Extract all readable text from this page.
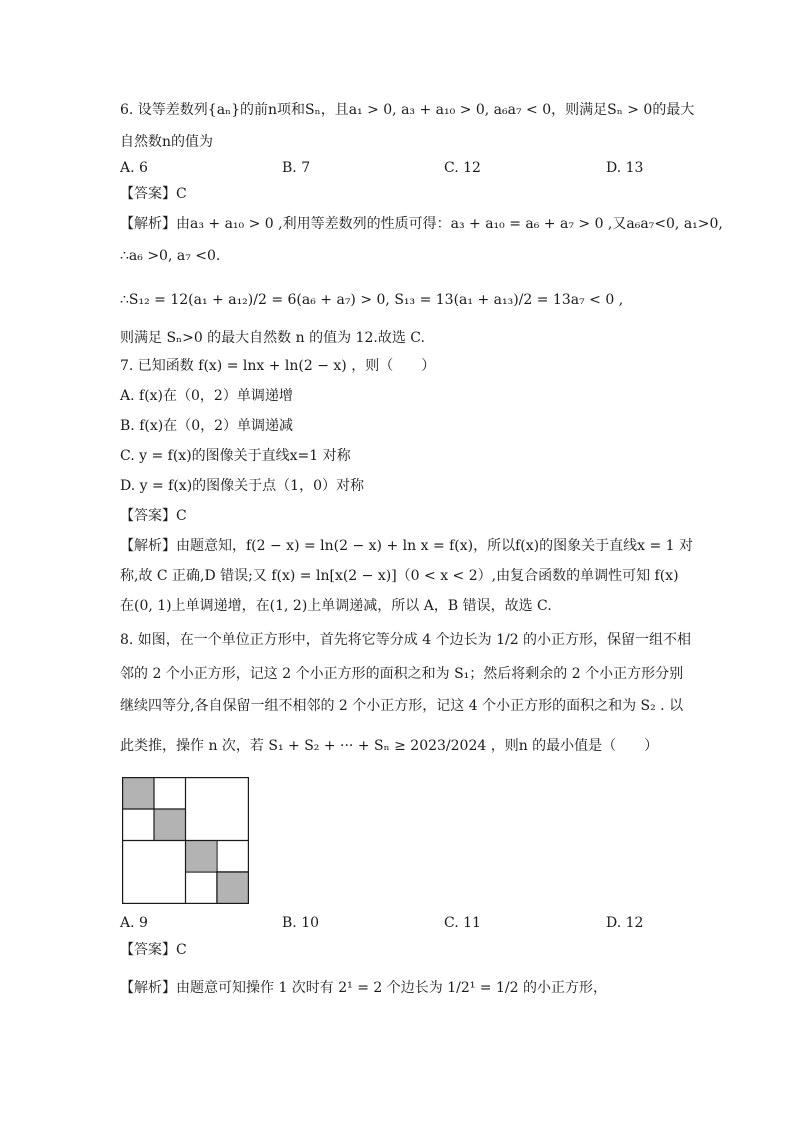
6. 设等差数列{aₙ}的前n项和Sₙ，且a₁ > 0, a₃ + a₁₀ > 0, a₆a₇ < 0，则满足Sₙ > 0的最大
自然数n的值为
A. 6	B. 7	C. 12	D. 13
【答案】C
【解析】由a₃ + a₁₀ > 0 ,利用等差数列的性质可得：a₃ + a₁₀ = a₆ + a₇ > 0 ,又a₆a₇<0, a₁>0,
∴a₆ >0, a₇ <0.
∴S₁₂ = 12(a₁ + a₁₂)/2 = 6(a₆ + a₇) > 0, S₁₃ = 13(a₁ + a₁₃)/2 = 13a₇ < 0 ,
则满足 Sₙ>0 的最大自然数 n 的值为 12.故选 C.
7. 已知函数 f(x) = lnx + ln(2 − x) ，则（　　）
A. f(x)在（0，2）单调递增
B. f(x)在（0，2）单调递减
C. y = f(x)的图像关于直线x=1 对称
D. y = f(x)的图像关于点（1，0）对称
【答案】C
【解析】由题意知，f(2 − x) = ln(2 − x) + ln x = f(x)，所以f(x)的图象关于直线x = 1 对
称,故 C 正确,D 错误;又 f(x) = ln[x(2 − x)]（0 < x < 2）,由复合函数的单调性可知 f(x)
在(0, 1)上单调递增，在(1, 2)上单调递减，所以 A，B 错误，故选 C.
8. 如图，在一个单位正方形中，首先将它等分成 4 个边长为 1/2 的小正方形，保留一组不相
邻的 2 个小正方形，记这 2 个小正方形的面积之和为 S₁；然后将剩余的 2 个小正方形分别
继续四等分,各自保留一组不相邻的 2 个小正方形，记这 4 个小正方形的面积之和为 S₂ . 以
此类推，操作 n 次，若 S₁ + S₂ + ··· + Sₙ ≥ 2023/2024 ，则n 的最小值是（　　）
A. 9	B. 10	C. 11	D. 12
【答案】C
【解析】由题意可知操作 1 次时有 2¹ = 2 个边长为 1/2¹ = 1/2 的小正方形，
